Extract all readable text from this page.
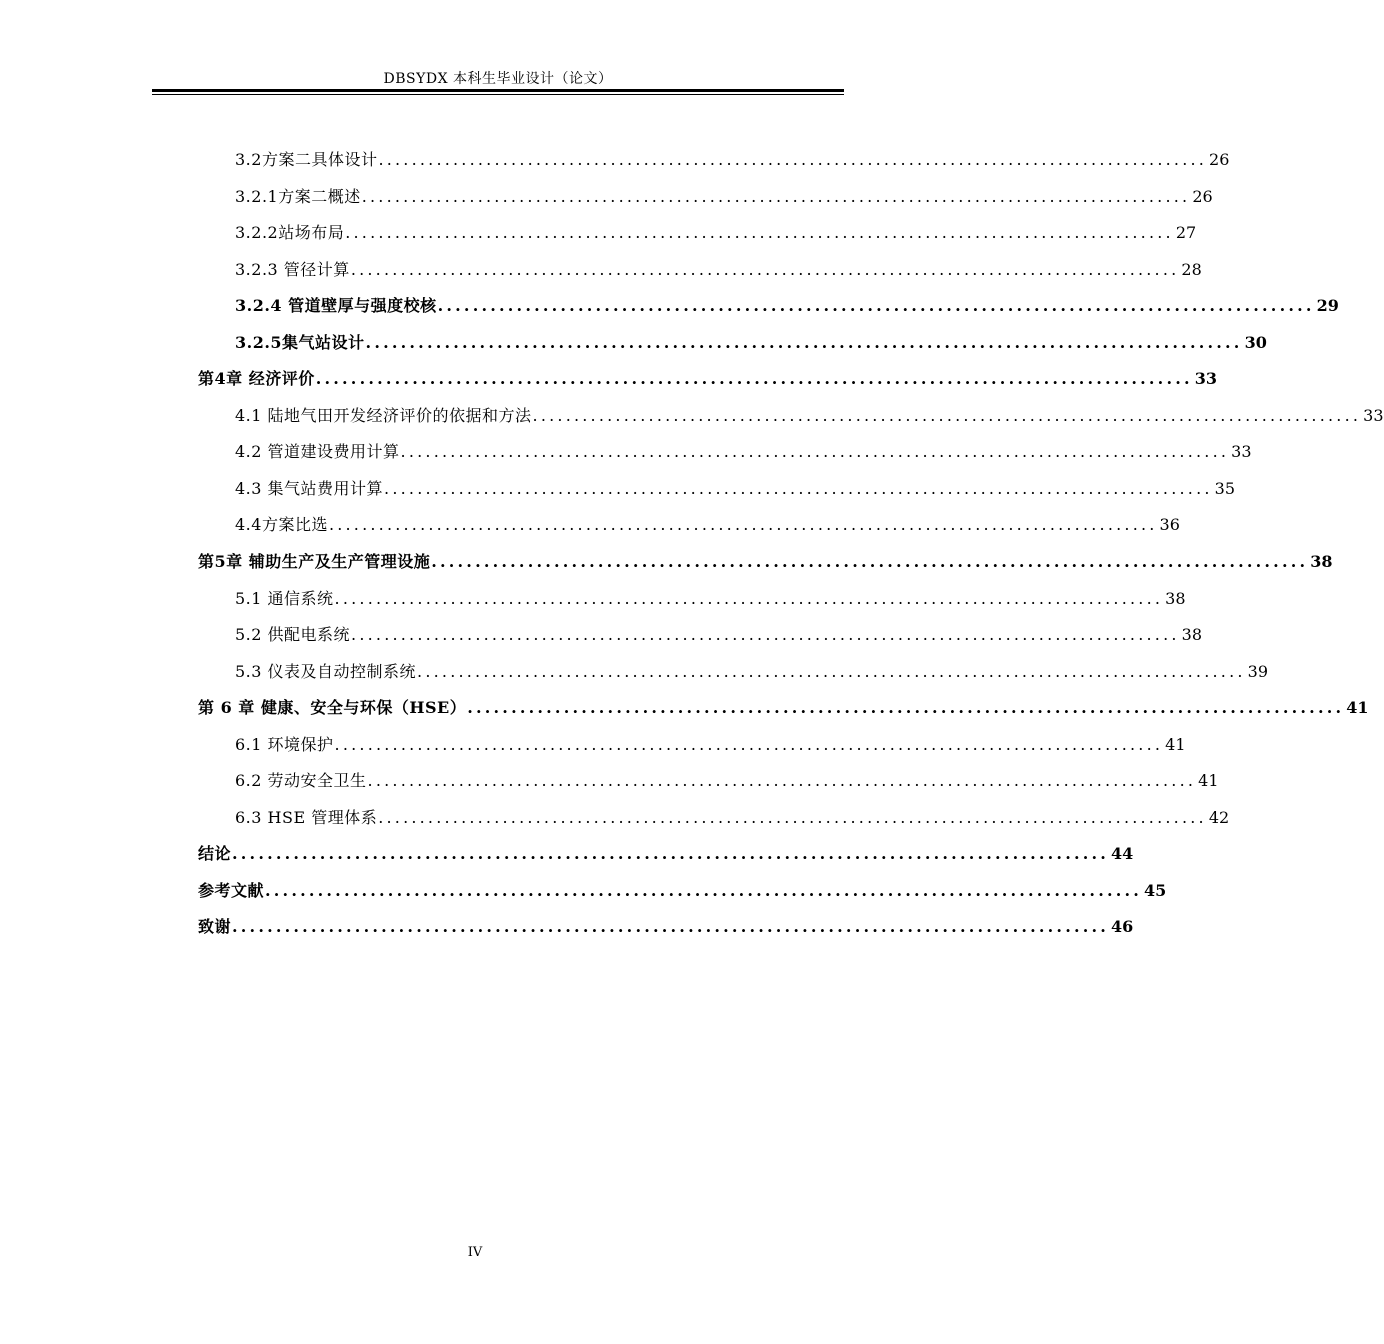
DBSYDX 本科生毕业设计（论文）
3.2方案二具体设计 .................................................................................................... 26
3.2.1方案二概述 .................................................................................................... 26
3.2.2站场布局 .................................................................................................... 27
3.2.3 管径计算 .................................................................................................... 28
3.2.4 管道壁厚与强度校核 .................................................................................................... 29
3.2.5集气站设计 .................................................................................................... 30
第4章 经济评价 .................................................................................................... 33
4.1 陆地气田开发经济评价的依据和方法 .................................................................................................... 33
4.2 管道建设费用计算 .................................................................................................... 33
4.3 集气站费用计算 .................................................................................................... 35
4.4方案比选 .................................................................................................... 36
第5章 辅助生产及生产管理设施 .................................................................................................... 38
5.1 通信系统 .................................................................................................... 38
5.2 供配电系统 .................................................................................................... 38
5.3 仪表及自动控制系统 .................................................................................................... 39
第 6 章 健康、安全与环保（HSE） .................................................................................................... 41
6.1 环境保护 .................................................................................................... 41
6.2 劳动安全卫生 .................................................................................................... 41
6.3 HSE 管理体系 .................................................................................................... 42
结论 .................................................................................................... 44
参考文献 .................................................................................................... 45
致谢 .................................................................................................... 46
IV
